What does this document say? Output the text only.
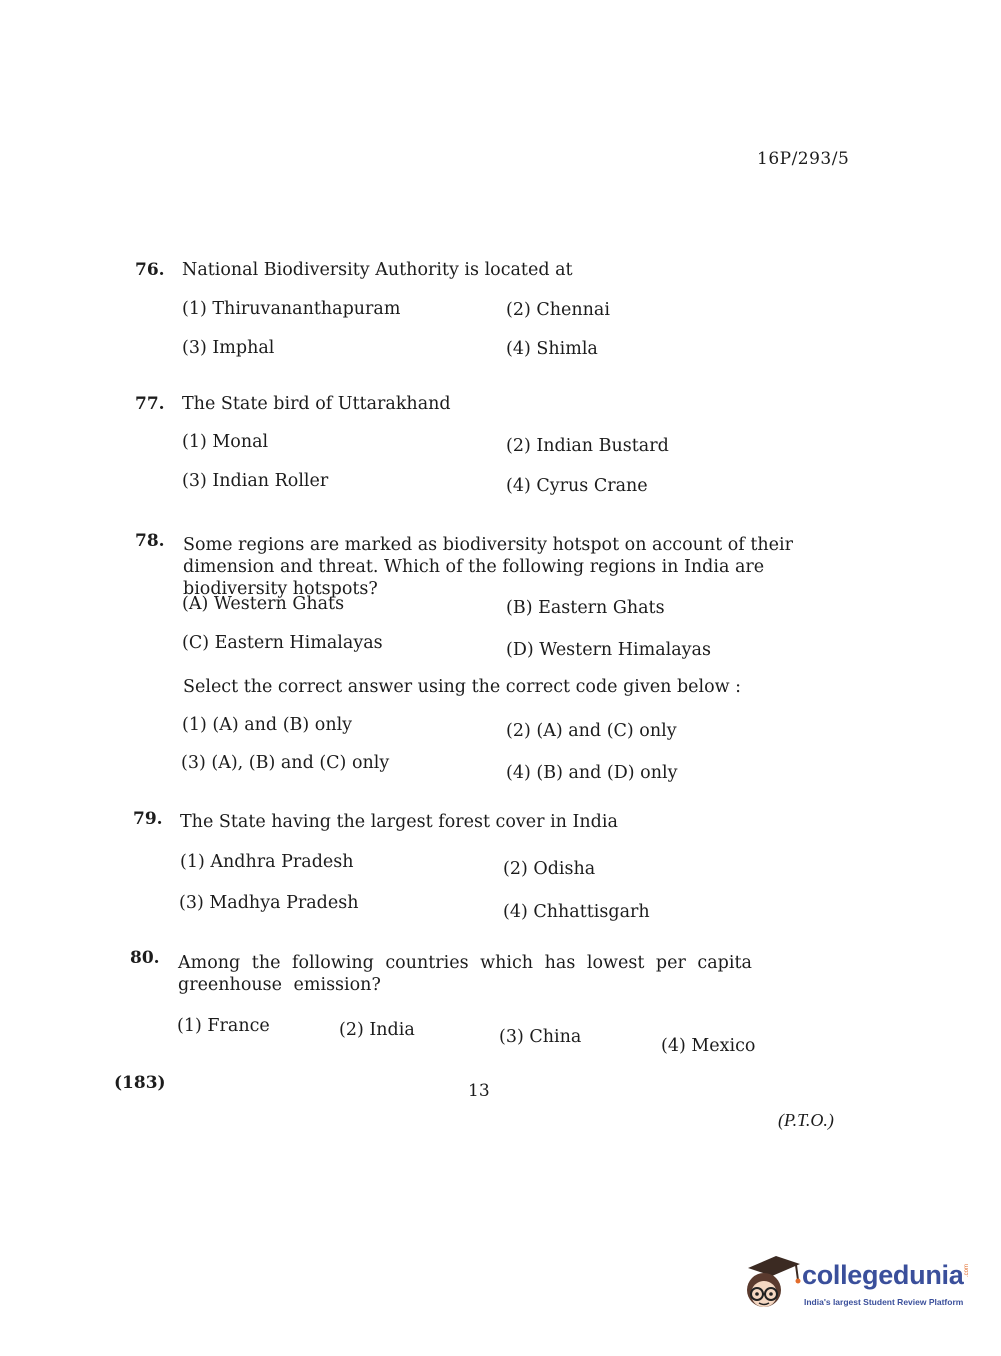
16P/293/5
76. National Biodiversity Authority is located at
(1) Thiruvananthapuram	(2) Chennai
(3) Imphal	(4) Shimla
77. The State bird of Uttarakhand
(1) Monal	(2) Indian Bustard
(3) Indian Roller	(4) Cyrus Crane
78. Some regions are marked as biodiversity hotspot on account of their dimension and threat. Which of the following regions in India are biodiversity hotspots?
(A) Western Ghats	(B) Eastern Ghats
(C) Eastern Himalayas	(D) Western Himalayas
Select the correct answer using the correct code given below :
(1) (A) and (B) only	(2) (A) and (C) only
(3) (A), (B) and (C) only	(4) (B) and (D) only
79. The State having the largest forest cover in India
(1) Andhra Pradesh	(2) Odisha
(3) Madhya Pradesh	(4) Chhattisgarh
80. Among the following countries which has lowest per capita greenhouse emission?
(1) France	(2) India	(3) China	(4) Mexico
(183)	13
(P.T.O.)
collegedunia .com
India's largest Student Review Platform
